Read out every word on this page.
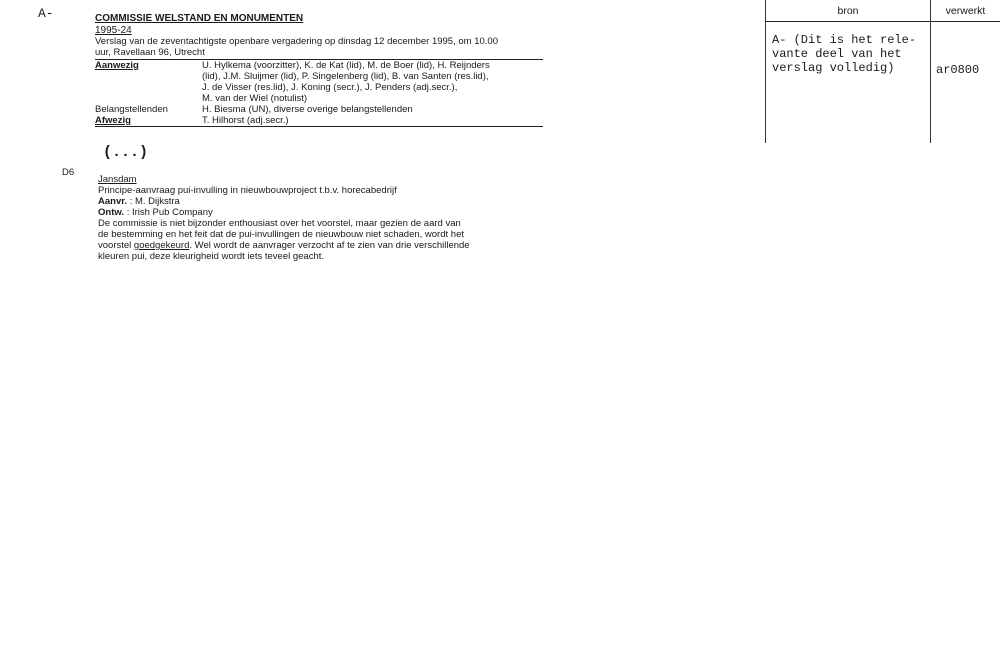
A-	COMMISSIE WELSTAND EN MONUMENTEN
1995-24
Verslag van de zeventachtigste openbare vergadering op dinsdag 12 december 1995, om 10.00
uur, Ravellaan 96, Utrecht
Aanwezig	U. Hylkema (voorzitter), K. de Kat (lid), M. de Boer (lid), H. Reijnders
(lid), J.M. Sluijmer (lid), P. Singelenberg (lid), B. van Santen (res.lid),
J. de Visser (res.lid), J. Koning (secr.), J. Penders (adj.secr.),
M. van der Wiel (notulist)
Belangstellenden	H. Biesma (UN), diverse overige belangstellenden
Afwezig	T. Hilhorst (adj.secr.)
(...)
D6
Jansdam
Principe-aanvraag pui-invulling in nieuwbouwproject t.b.v. horecabedrijf
Aanvr. : M. Dijkstra
Ontw. : Irish Pub Company
De commissie is niet bijzonder enthousiast over het voorstel, maar gezien de aard van
de bestemming en het feit dat de pui-invullingen de nieuwbouw niet schaden, wordt het
voorstel goedgekeurd. Wel wordt de aanvrager verzocht af te zien van drie verschillende
kleuren pui, deze kleurigheid wordt iets teveel geacht.
bron	verwerkt
A- (Dit is het rele-
vante deel van het
verslag volledig)	ar0800
